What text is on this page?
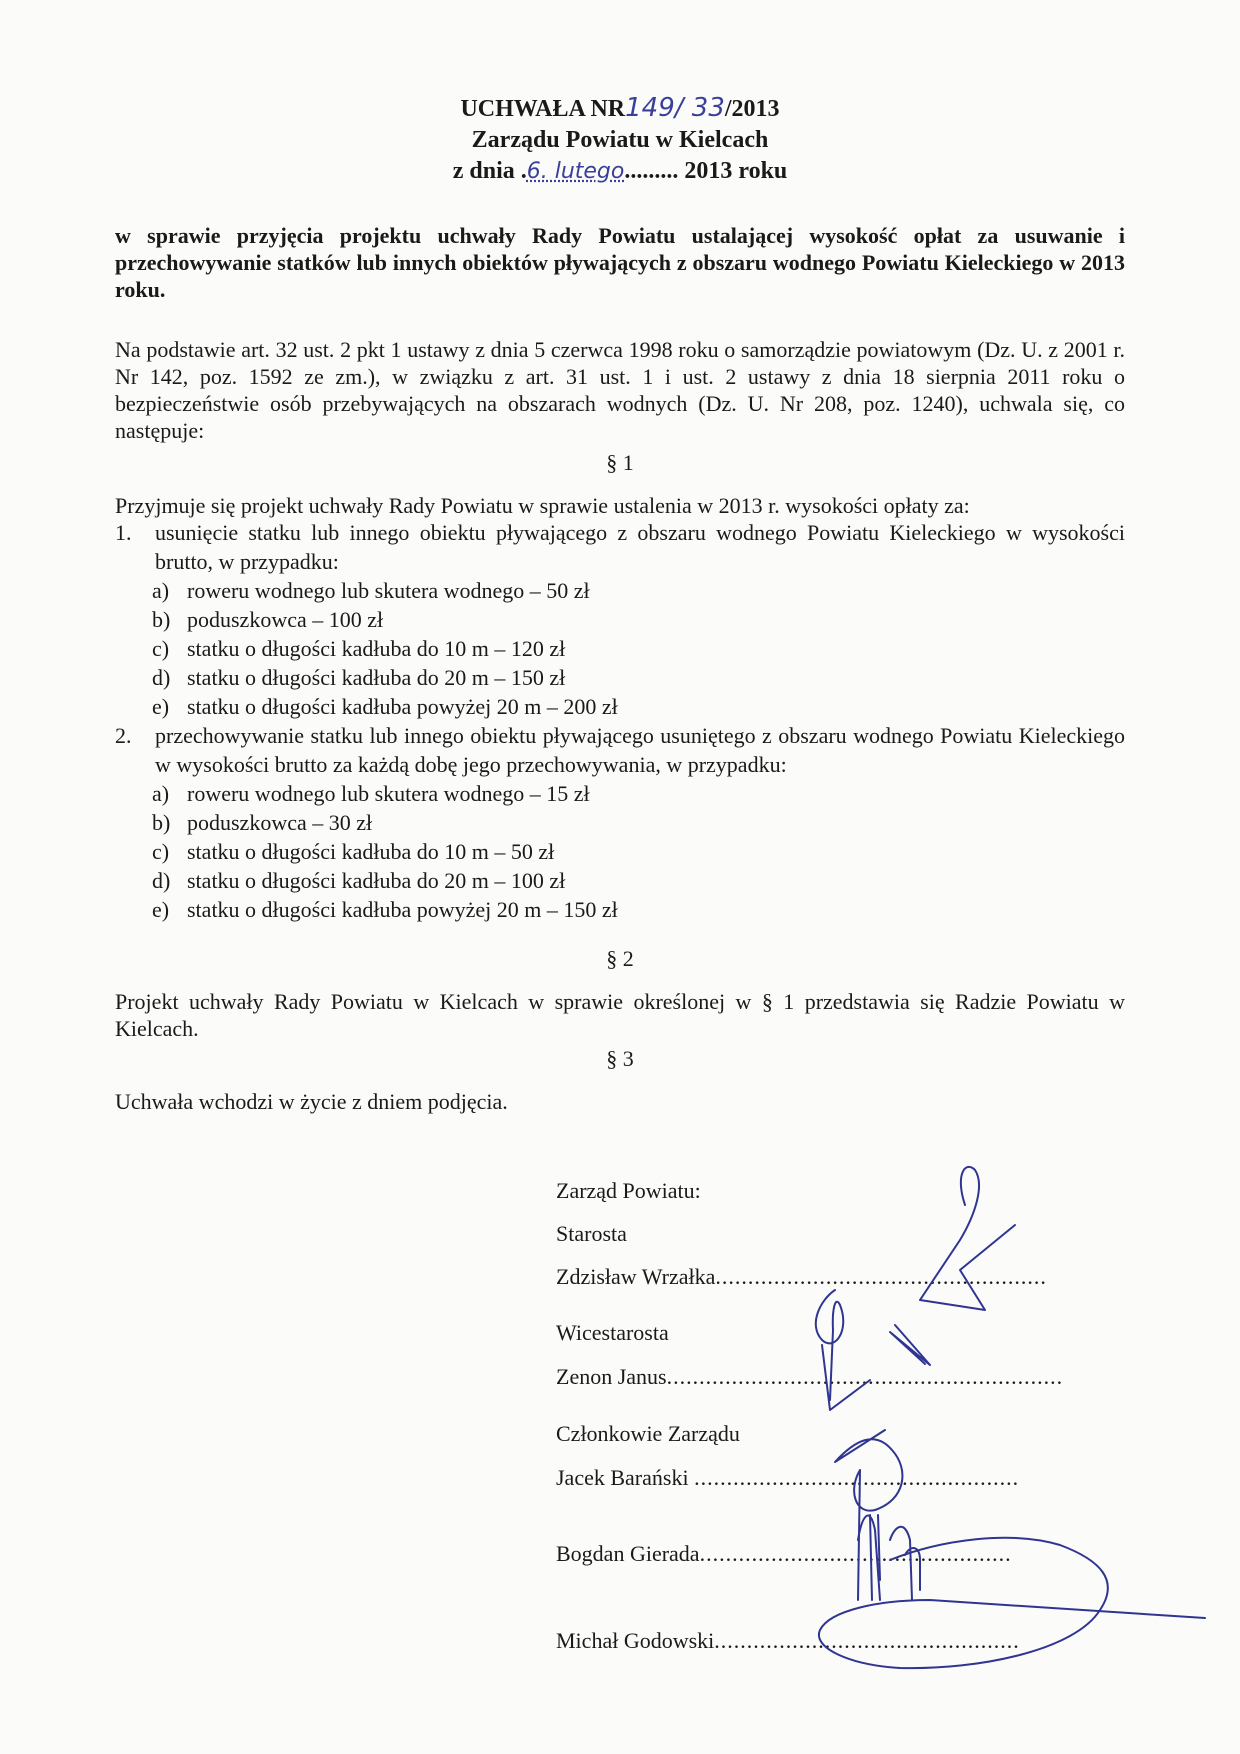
UCHWAŁA NR149/ 33/2013
Zarządu Powiatu w Kielcach
z dnia .6. lutego......... 2013 roku
w sprawie przyjęcia projektu uchwały Rady Powiatu ustalającej wysokość opłat za usuwanie i przechowywanie statków lub innych obiektów pływających z obszaru wodnego Powiatu Kieleckiego w 2013 roku.
Na podstawie art. 32 ust. 2 pkt 1 ustawy z dnia 5 czerwca 1998 roku o samorządzie powiatowym (Dz. U. z 2001 r. Nr 142, poz. 1592 ze zm.), w związku z art. 31 ust. 1 i ust. 2 ustawy z dnia 18 sierpnia 2011 roku o bezpieczeństwie osób przebywających na obszarach wodnych (Dz. U. Nr 208, poz. 1240), uchwala się, co następuje:
§ 1
Przyjmuje się projekt uchwały Rady Powiatu w sprawie ustalenia w 2013 r. wysokości opłaty za:
1.	usunięcie statku lub innego obiektu pływającego z obszaru wodnego Powiatu Kieleckiego w wysokości brutto, w przypadku:
a) roweru wodnego lub skutera wodnego – 50 zł
b) poduszkowca – 100 zł
c) statku o długości kadłuba do 10 m – 120 zł
d) statku o długości kadłuba do 20 m – 150 zł
e) statku o długości kadłuba powyżej 20 m – 200 zł
2.	przechowywanie statku lub innego obiektu pływającego usuniętego z obszaru wodnego Powiatu Kieleckiego w wysokości brutto za każdą dobę jego przechowywania, w przypadku:
a) roweru wodnego lub skutera wodnego – 15 zł
b) poduszkowca – 30 zł
c) statku o długości kadłuba do 10 m – 50 zł
d) statku o długości kadłuba do 20 m – 100 zł
e) statku o długości kadłuba powyżej 20 m – 150 zł
§ 2
Projekt uchwały Rady Powiatu w Kielcach w sprawie określonej w § 1 przedstawia się Radzie Powiatu w Kielcach.
§ 3
Uchwała wchodzi w życie z dniem podjęcia.
Zarząd Powiatu:
Starosta
Zdzisław Wrzałka...................................................
Wicestarosta
Zenon Janus.............................................................
Członkowie Zarządu
Jacek Barański ..................................................
Bogdan Gierada................................................
Michał Godowski...............................................
